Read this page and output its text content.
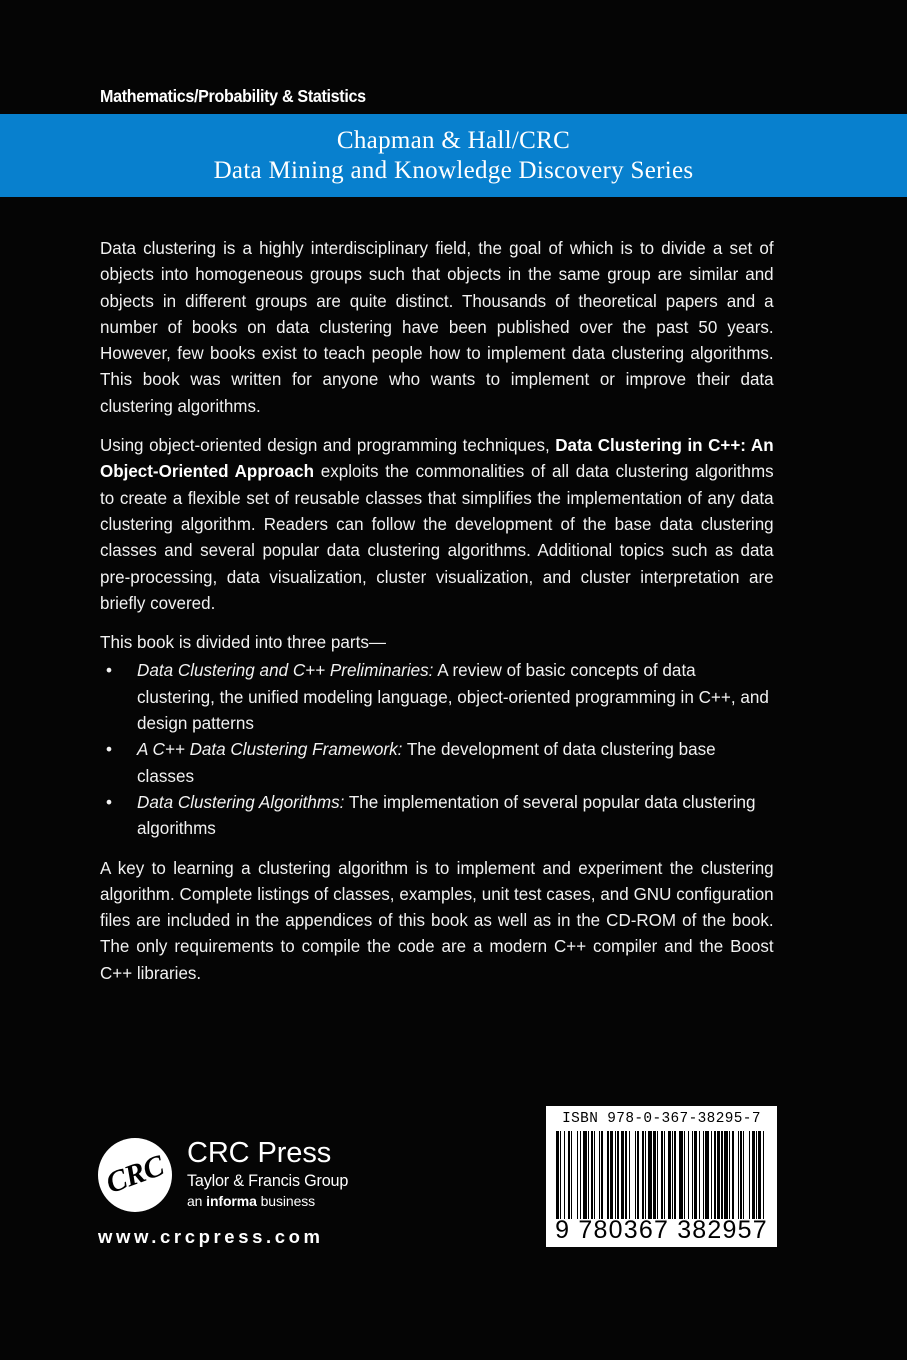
Mathematics/Probability & Statistics
Chapman & Hall/CRC
Data Mining and Knowledge Discovery Series

Data clustering is a highly interdisciplinary field, the goal of which is to divide a set of objects into homogeneous groups such that objects in the same group are similar and objects in different groups are quite distinct. Thousands of theoretical papers and a number of books on data clustering have been published over the past 50 years. However, few books exist to teach people how to implement data clustering algorithms. This book was written for anyone who wants to implement or improve their data clustering algorithms.

Using object-oriented design and programming techniques, Data Clustering in C++: An Object-Oriented Approach exploits the commonalities of all data clustering algorithms to create a flexible set of reusable classes that simplifies the implementation of any data clustering algorithm. Readers can follow the development of the base data clustering classes and several popular data clustering algorithms. Additional topics such as data pre-processing, data visualization, cluster visualization, and cluster interpretation are briefly covered.

This book is divided into three parts—

• Data Clustering and C++ Preliminaries: A review of basic concepts of data clustering, the unified modeling language, object-oriented programming in C++, and design patterns
• A C++ Data Clustering Framework: The development of data clustering base classes
• Data Clustering Algorithms: The implementation of several popular data clustering algorithms

A key to learning a clustering algorithm is to implement and experiment the clustering algorithm. Complete listings of classes, examples, unit test cases, and GNU configuration files are included in the appendices of this book as well as in the CD-ROM of the book. The only requirements to compile the code are a modern C++ compiler and the Boost C++ libraries.

CRC CRC Press
Taylor & Francis Group
an informa business
www.crcpress.com
ISBN 978-0-367-38295-7
9 780367 382957
